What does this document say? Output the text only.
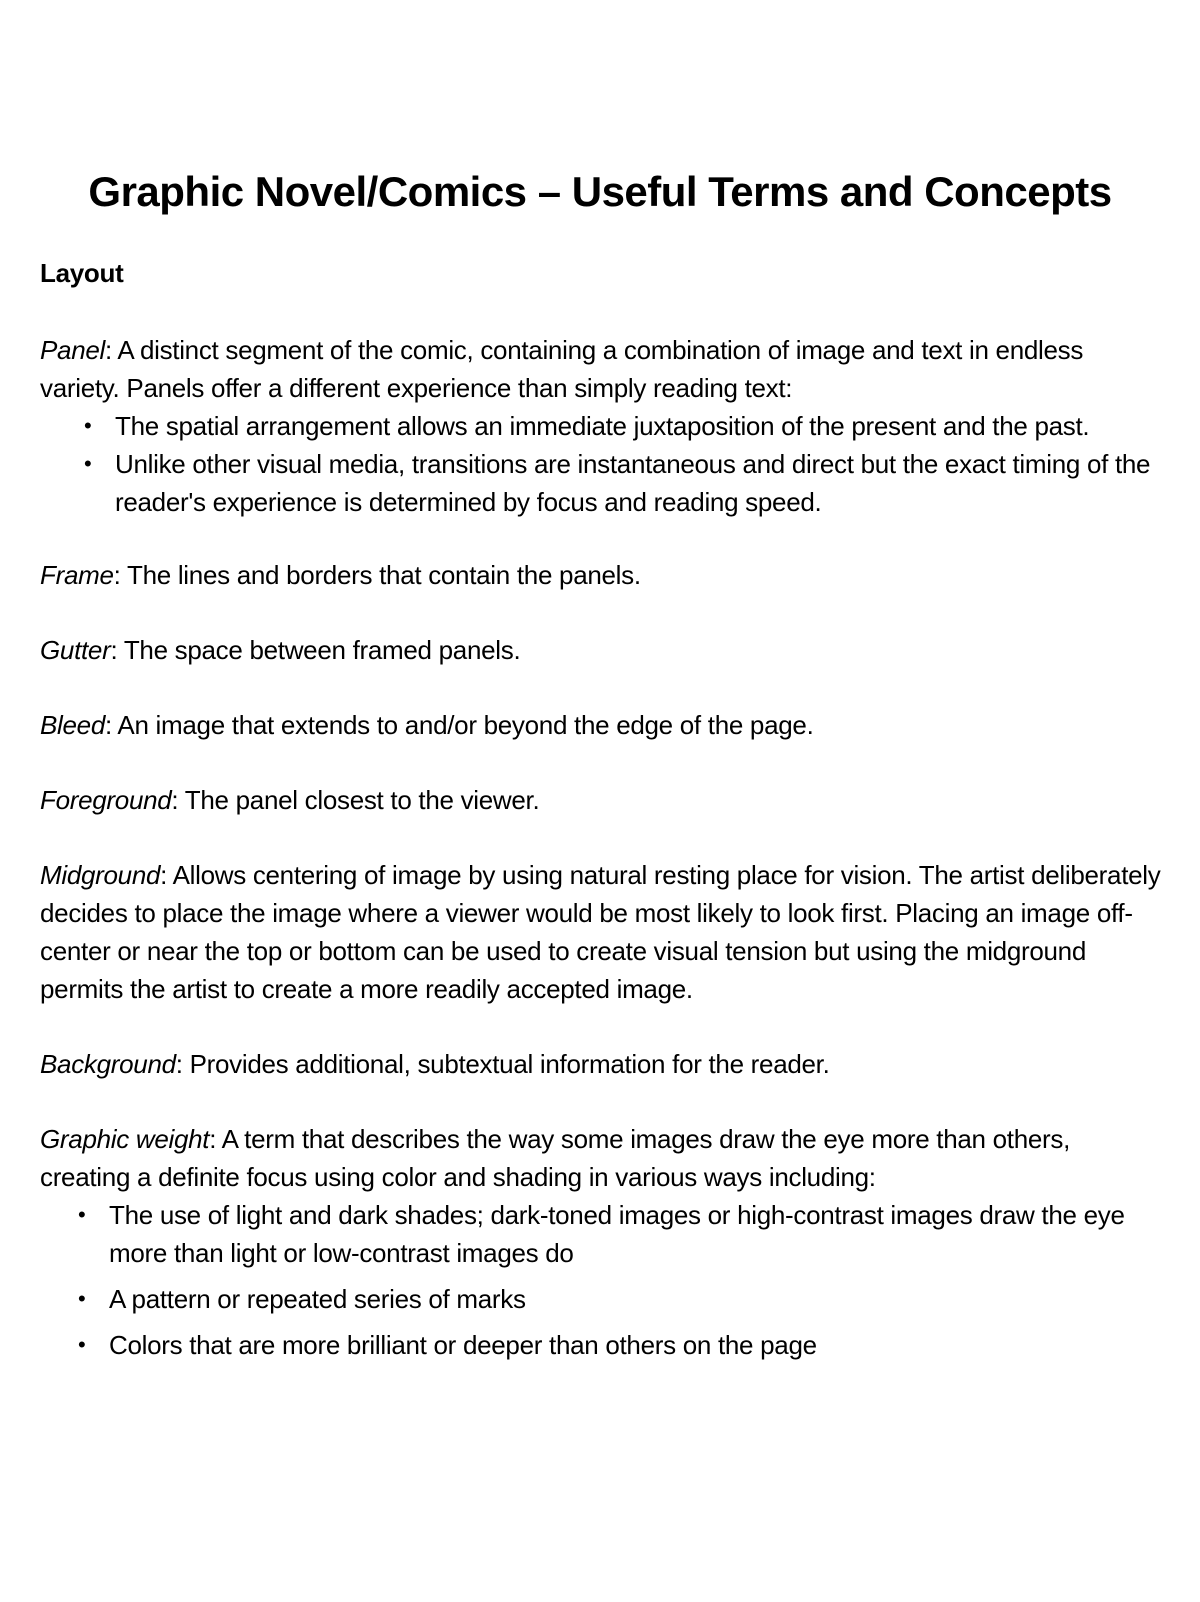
Graphic Novel/Comics – Useful Terms and Concepts

Layout

Panel: A distinct segment of the comic, containing a combination of image and text in endless variety. Panels offer a different experience than simply reading text:

• The spatial arrangement allows an immediate juxtaposition of the present and the past.
• Unlike other visual media, transitions are instantaneous and direct but the exact timing of the reader's experience is determined by focus and reading speed.

Frame: The lines and borders that contain the panels.

Gutter: The space between framed panels.

Bleed: An image that extends to and/or beyond the edge of the page.

Foreground: The panel closest to the viewer.

Midground: Allows centering of image by using natural resting place for vision. The artist deliberately decides to place the image where a viewer would be most likely to look first. Placing an image off-center or near the top or bottom can be used to create visual tension but using the midground permits the artist to create a more readily accepted image.

Background: Provides additional, subtextual information for the reader.

Graphic weight: A term that describes the way some images draw the eye more than others, creating a definite focus using color and shading in various ways including:

• The use of light and dark shades; dark-toned images or high-contrast images draw the eye more than light or low-contrast images do
• A pattern or repeated series of marks
• Colors that are more brilliant or deeper than others on the page
